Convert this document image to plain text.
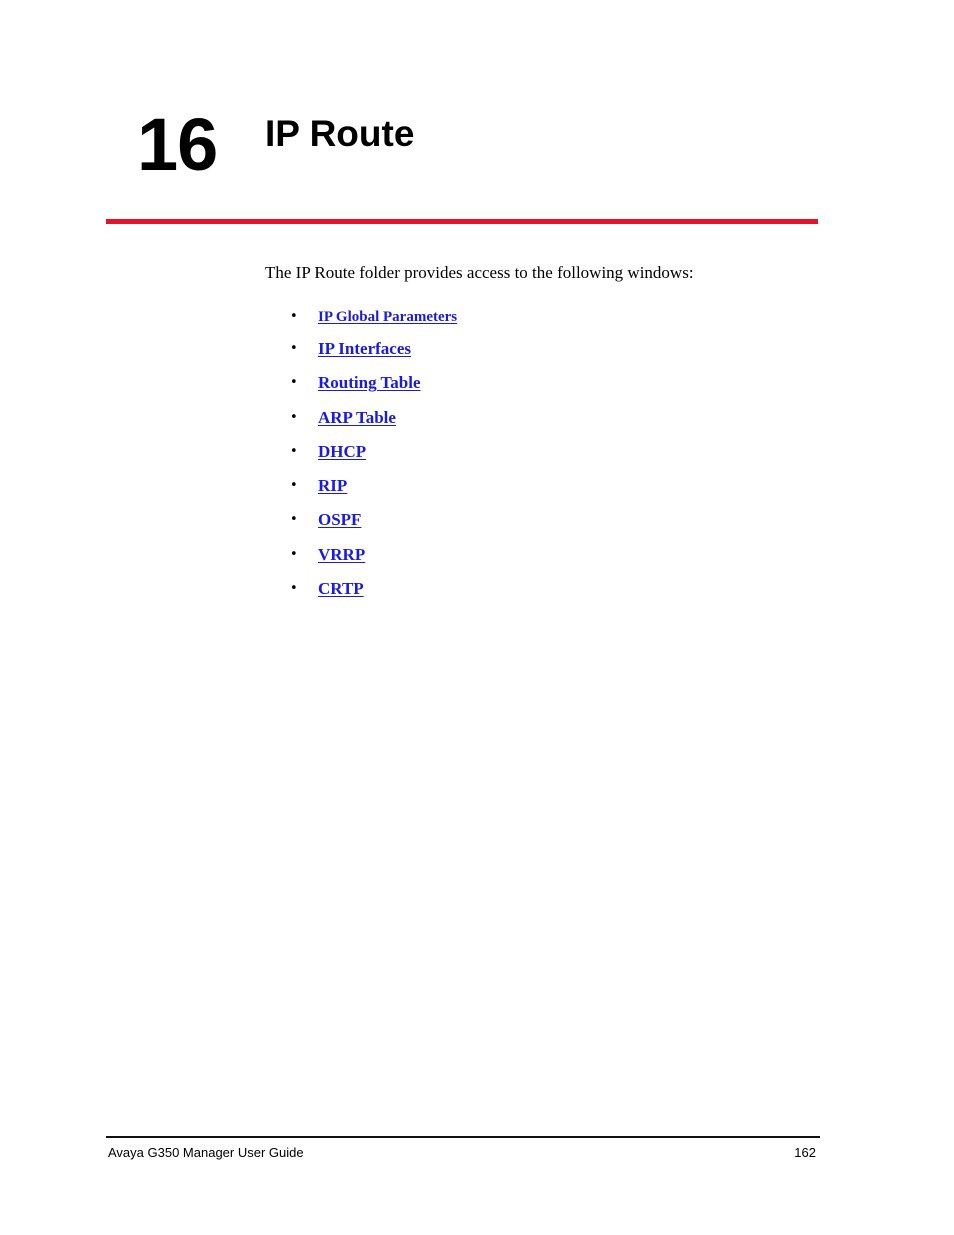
16 IP Route
The IP Route folder provides access to the following windows:
• IP Global Parameters
• IP Interfaces
• Routing Table
• ARP Table
• DHCP
• RIP
• OSPF
• VRRP
• CRTP
Avaya G350 Manager User Guide	162
